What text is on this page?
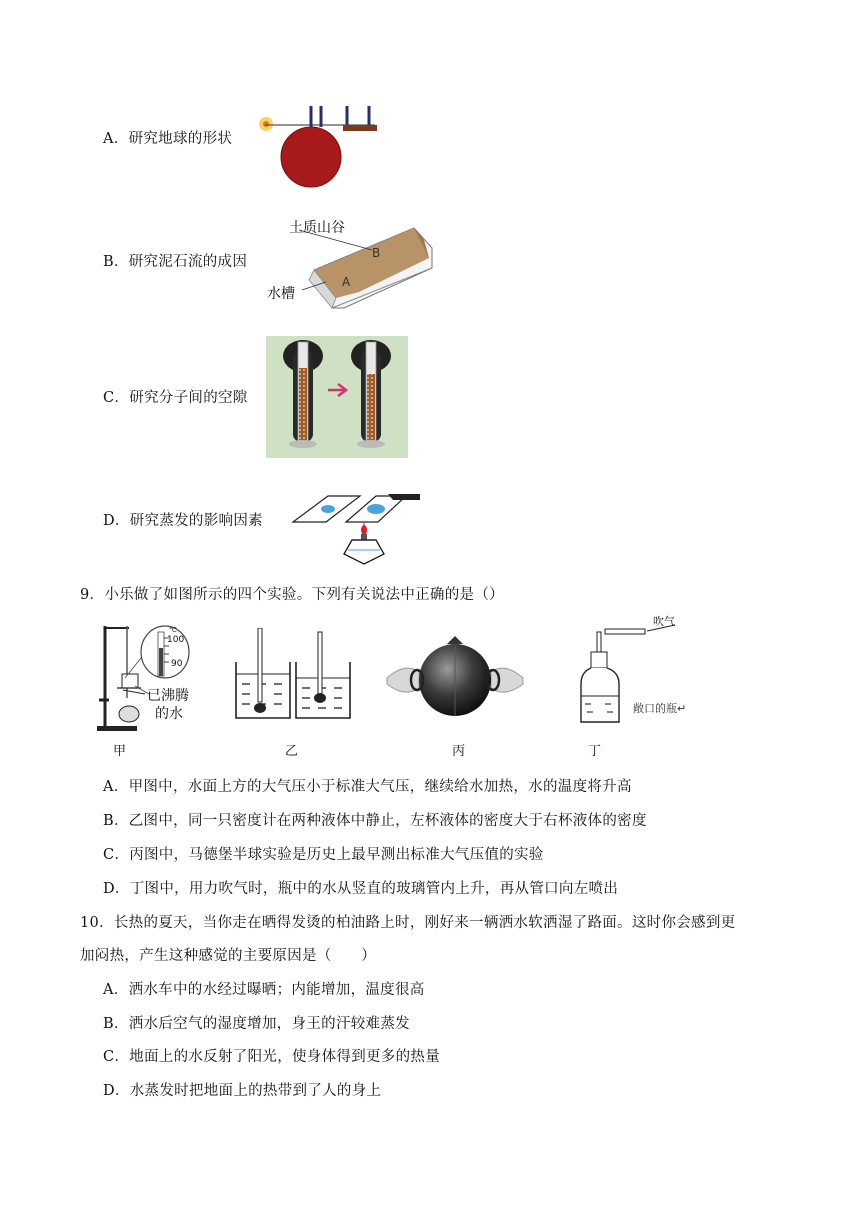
A．研究地球的形状
B．研究泥石流的成因
C．研究分子间的空隙
D．研究蒸发的影响因素
土质山谷
水槽
A
B
9．小乐做了如图所示的四个实验。下列有关说法中正确的是（）
100
90
℃
已沸腾
的水
甲	乙	丙
吹气
敞口的瓶↵
丁
A．甲图中，水面上方的大气压小于标准大气压，继续给水加热，水的温度将升高
B．乙图中，同一只密度计在两种液体中静止，左杯液体的密度大于右杯液体的密度
C．丙图中，马德堡半球实验是历史上最早测出标准大气压值的实验
D．丁图中，用力吹气时，瓶中的水从竖直的玻璃管内上升，再从管口向左喷出
10．长热的夏天，当你走在晒得发烫的柏油路上时，刚好来一辆洒水软洒湿了路面。这时你会感到更
加闷热，产生这种感觉的主要原因是（　　）
A．洒水车中的水经过曝晒；内能增加，温度很高
B．洒水后空气的湿度增加，身王的汗较难蒸发
C．地面上的水反射了阳光，使身体得到更多的热量
D．水蒸发时把地面上的热带到了人的身上
